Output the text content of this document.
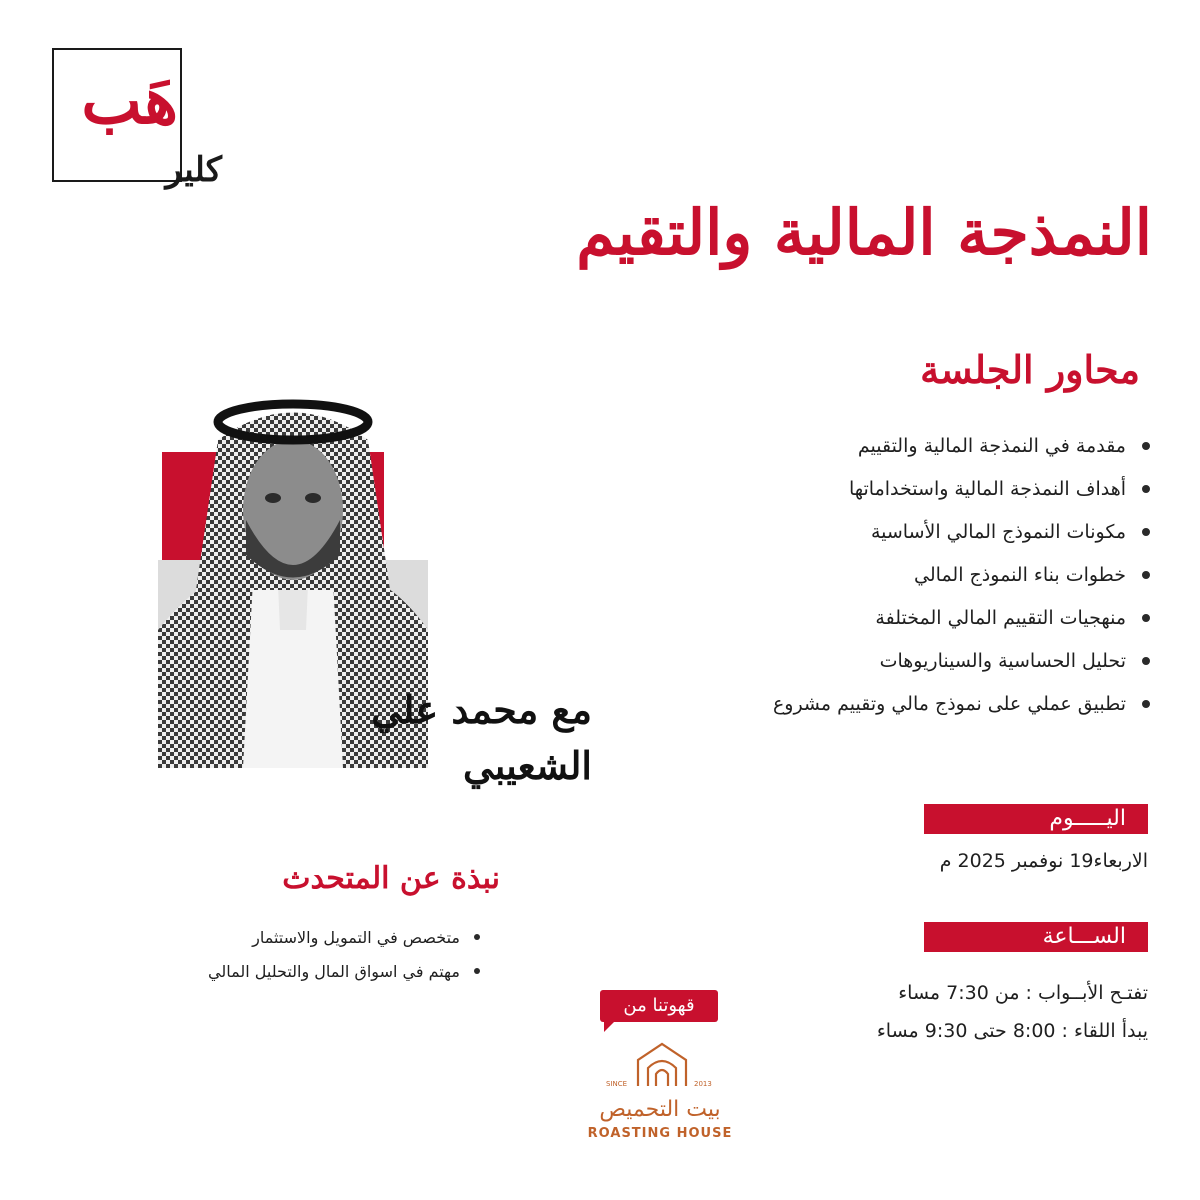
هَب
كلير
النمذجة المالية والتقيم
محاور الجلسة
مقدمة في النمذجة المالية والتقييم
أهداف النمذجة المالية واستخداماتها
مكونات النموذج المالي الأساسية
خطوات بناء النموذج المالي
منهجيات التقييم المالي المختلفة
تحليل الحساسية والسيناريوهات
تطبيق عملي على نموذج مالي وتقييم مشروع
مع محمد علي الشعيبي
اليـــــوم
الاربعاء19 نوفمبر 2025 م
الســـاعة
تفتـح الأبــواب : من 7:30 مساء
يبدأ اللقاء : 8:00 حتى 9:30 مساء
نبذة عن المتحدث
متخصص في التمويل والاستثمار
مهتم في اسواق المال والتحليل المالي
قهوتنا من
SINCE	2013
بيت التحميص
ROASTING HOUSE
